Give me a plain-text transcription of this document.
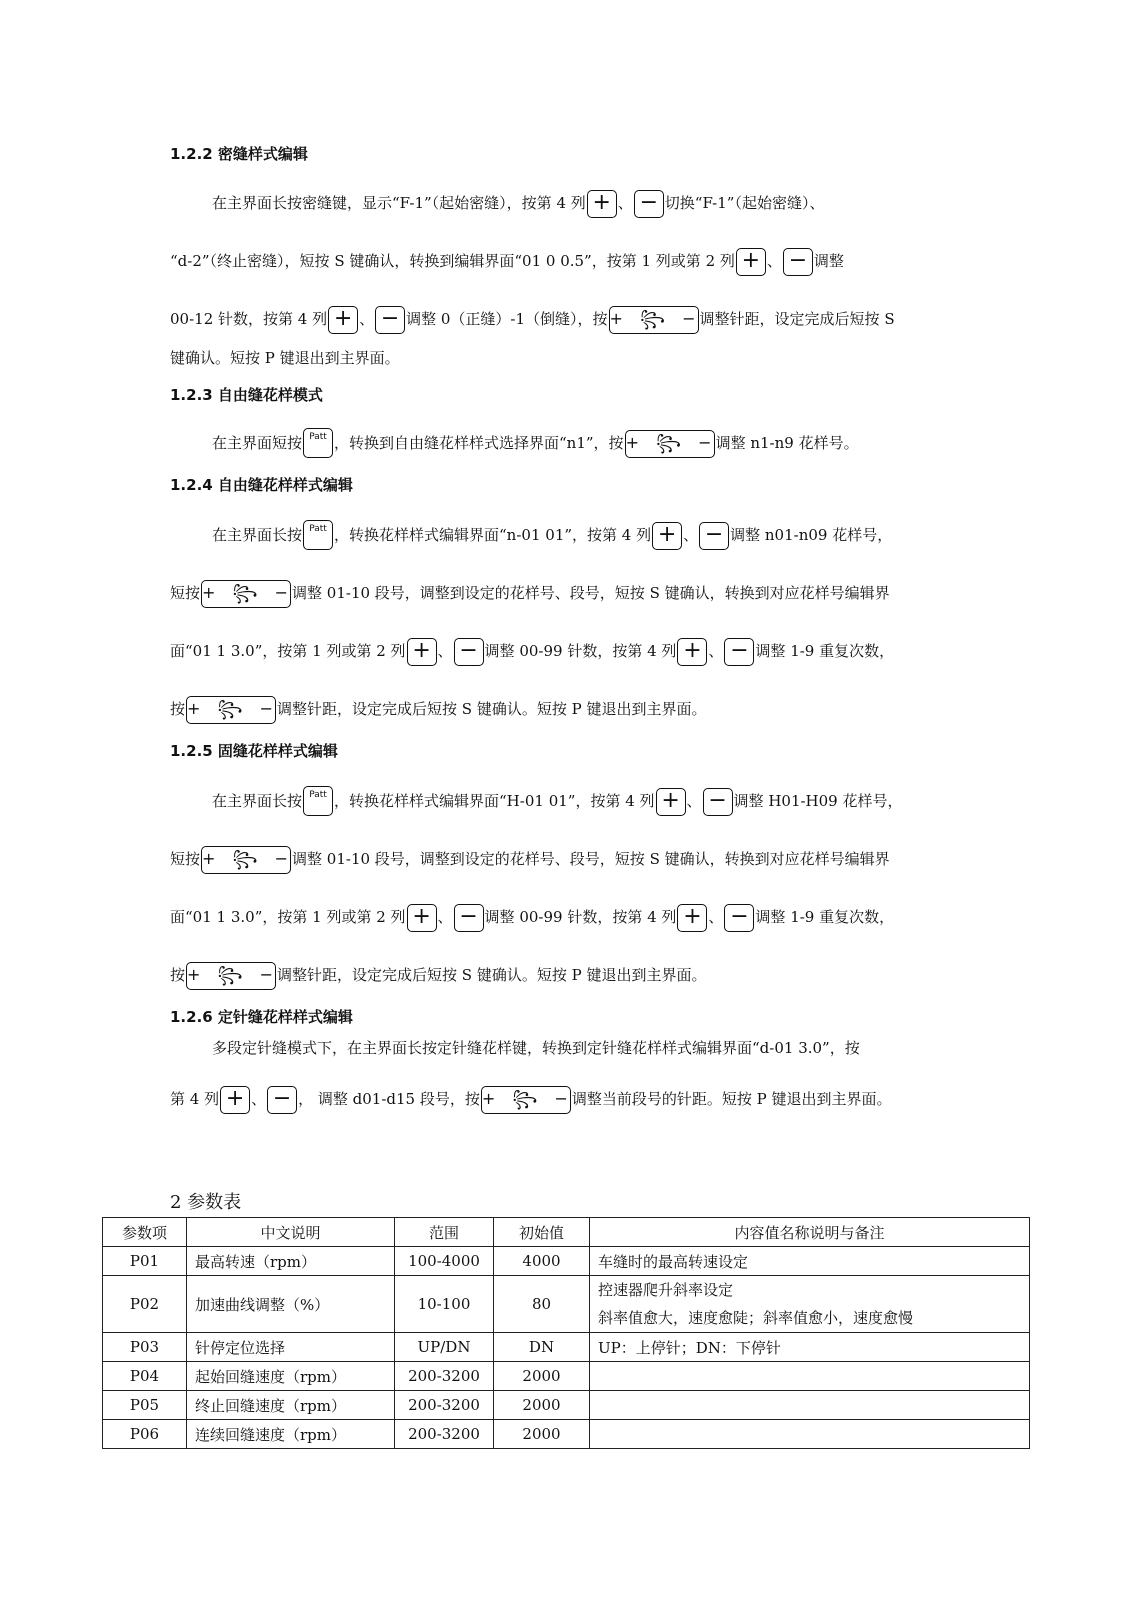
1.2.2 密缝样式编辑
在主界面长按密缝键，显示“F-1”（起始密缝），按第 4 列 + 、 − 切换“F-1”（起始密缝）、
“d-2”（终止密缝），短按 S 键确认，转换到编辑界面“01 0 0.5”，按第 1 列或第 2 列 + 、 − 调整
00-12 针数，按第 4 列 + 、 − 调整 0（正缝）-1（倒缝），按 + ꧂ −调整针距，设定完成后短按 S
键确认。短按 P 键退出到主界面。
1.2.3 自由缝花样模式
在主界面短按 Patt ，转换到自由缝花样样式选择界面“n1”，按 + ꧂ −调整 n1-n9 花样号。
1.2.4 自由缝花样样式编辑
在主界面长按 Patt ，转换花样样式编辑界面“n-01 01”，按第 4 列 + 、 − 调整 n01-n09 花样号，
短按 + ꧂ −调整 01-10 段号，调整到设定的花样号、段号，短按 S 键确认，转换到对应花样号编辑界
面“01 1 3.0”，按第 1 列或第 2 列 + 、 − 调整 00-99 针数，按第 4 列 + 、 − 调整 1-9 重复次数，
按 + ꧂ −调整针距，设定完成后短按 S 键确认。短按 P 键退出到主界面。
1.2.5 固缝花样样式编辑
在主界面长按 Patt ，转换花样样式编辑界面“H-01 01”，按第 4 列 + 、 − 调整 H01-H09 花样号，
短按 + ꧂ −调整 01-10 段号，调整到设定的花样号、段号，短按 S 键确认，转换到对应花样号编辑界
面“01 1 3.0”，按第 1 列或第 2 列 + 、 − 调整 00-99 针数，按第 4 列 + 、 − 调整 1-9 重复次数，
按 + ꧂ −调整针距，设定完成后短按 S 键确认。短按 P 键退出到主界面。
1.2.6 定针缝花样样式编辑
多段定针缝模式下，在主界面长按定针缝花样键，转换到定针缝花样样式编辑界面“d-01 3.0”，按
第 4 列 + 、 − ， 调整 d01-d15 段号，按 + ꧂ −调整当前段号的针距。短按 P 键退出到主界面。
2 参数表
参数项	中文说明	范围	初始值	内容值名称说明与备注
P01	最高转速（rpm）	100-4000	4000	车缝时的最高转速设定
P02	加速曲线调整（%）	10-100	80	控速器爬升斜率设定
斜率值愈大，速度愈陡；斜率值愈小，速度愈慢

P03	针停定位选择	UP/DN	DN	UP：上停针；DN：下停针
P04	起始回缝速度（rpm）	200-3200	2000	
P05	终止回缝速度（rpm）	200-3200	2000	
P06	连续回缝速度（rpm）	200-3200	2000	
